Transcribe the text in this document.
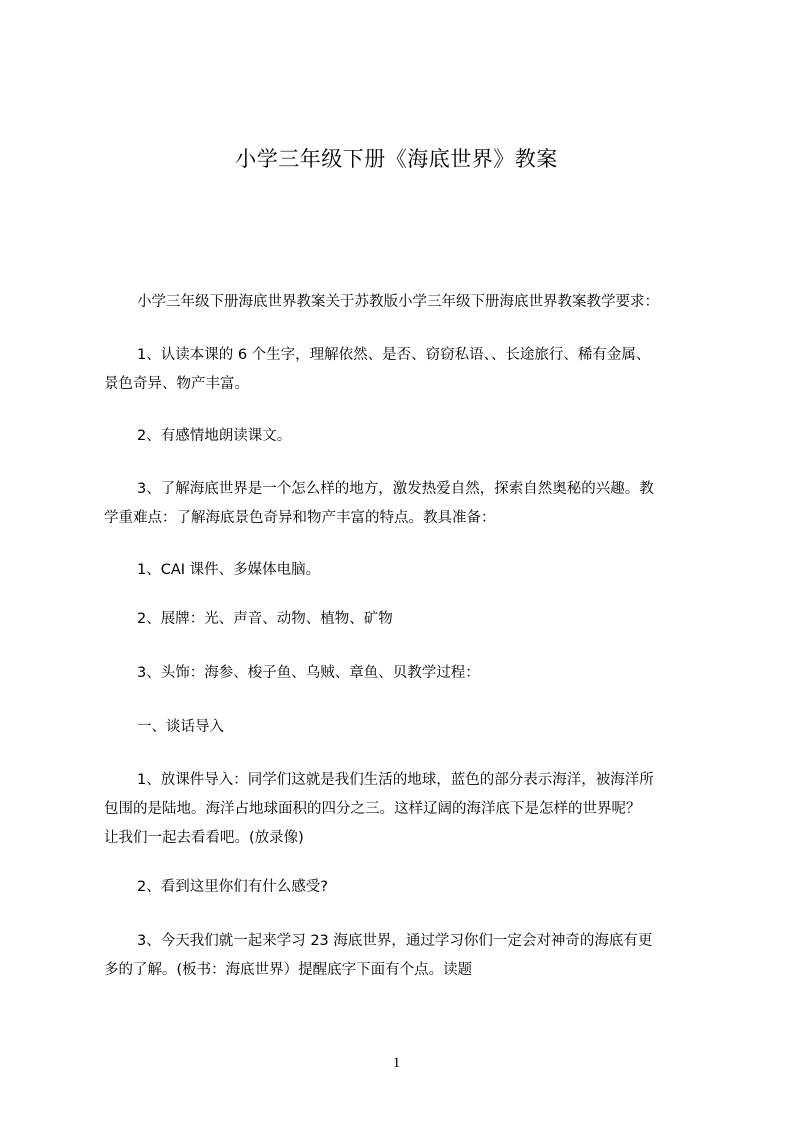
小学三年级下册《海底世界》教案
小学三年级下册海底世界教案关于苏教版小学三年级下册海底世界教案教学要求：
1、认读本课的 6 个生字，理解依然、是否、窃窃私语、、长途旅行、稀有金属、
景色奇异、物产丰富。
2、有感情地朗读课文。
3、了解海底世界是一个怎么样的地方，激发热爱自然，探索自然奥秘的兴趣。教
学重难点：了解海底景色奇异和物产丰富的特点。教具准备：
1、CAI 课件、多媒体电脑。
2、展牌：光、声音、动物、植物、矿物
3、头饰：海参、梭子鱼、乌贼、章鱼、贝教学过程：
一、谈话导入
1、放课件导入：同学们这就是我们生活的地球，蓝色的部分表示海洋，被海洋所
包围的是陆地。海洋占地球面积的四分之三。这样辽阔的海洋底下是怎样的世界呢？
让我们一起去看看吧。(放录像)
2、看到这里你们有什么感受?
3、今天我们就一起来学习 23 海底世界，通过学习你们一定会对神奇的海底有更
多的了解。(板书：海底世界）提醒底字下面有个点。读题
1
